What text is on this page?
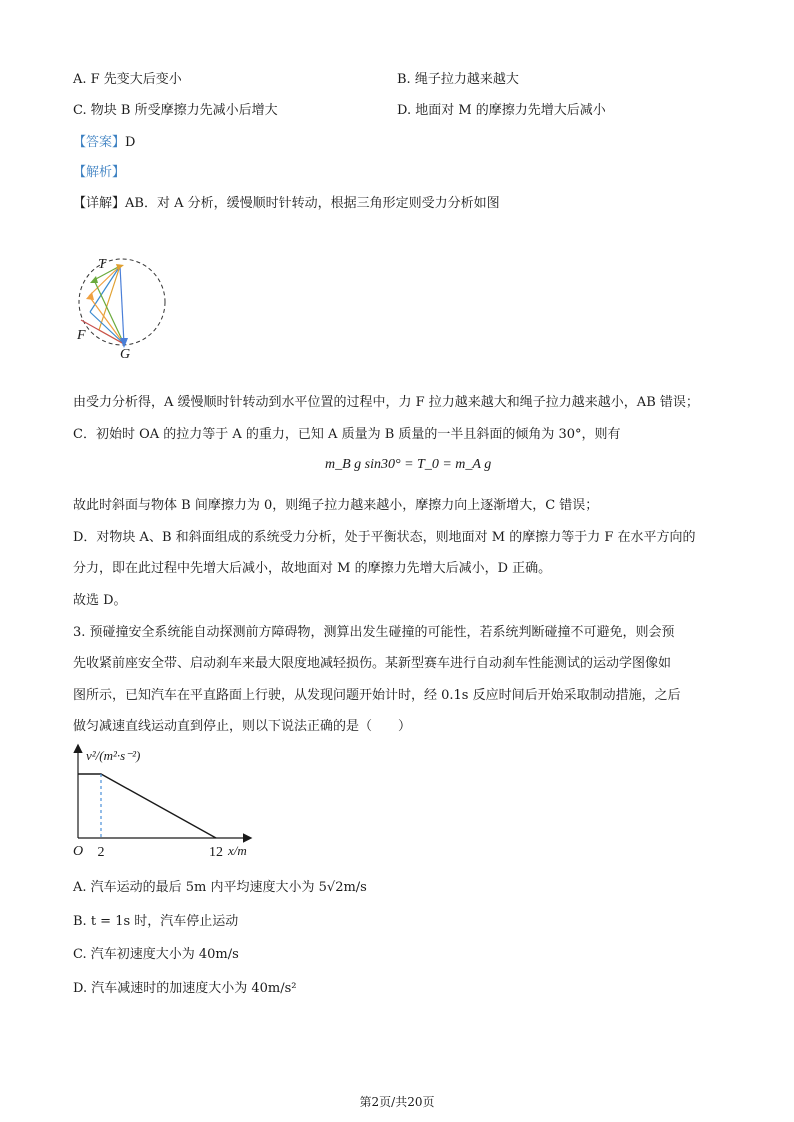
A. F 先变大后变小	B. 绳子拉力越来越大
C. 物块 B 所受摩擦力先减小后增大	D. 地面对 M 的摩擦力先增大后减小
【答案】D
【解析】
【详解】AB．对 A 分析，缓慢顺时针转动，根据三角形定则受力分析如图
T
F
G
由受力分析得，A 缓慢顺时针转动到水平位置的过程中，力 F 拉力越来越大和绳子拉力越来越小，AB 错误；
C．初始时 OA 的拉力等于 A 的重力，已知 A 质量为 B 质量的一半且斜面的倾角为 30°，则有
m_B g sin30° = T_0 = m_A g
故此时斜面与物体 B 间摩擦力为 0，则绳子拉力越来越小，摩擦力向上逐渐增大，C 错误；
D．对物块 A、B 和斜面组成的系统受力分析，处于平衡状态，则地面对 M 的摩擦力等于力 F 在水平方向的
分力，即在此过程中先增大后减小，故地面对 M 的摩擦力先增大后减小，D 正确。
故选 D。
3. 预碰撞安全系统能自动探测前方障碍物，测算出发生碰撞的可能性，若系统判断碰撞不可避免，则会预
先收紧前座安全带、启动刹车来最大限度地减轻损伤。某新型赛车进行自动刹车性能测试的运动学图像如
图所示，已知汽车在平直路面上行驶，从发现问题开始计时，经 0.1s 反应时间后开始采取制动措施，之后
做匀减速直线运动直到停止，则以下说法正确的是（　　）
v²/(m²·s⁻²)
x/m
O 2	12
A. 汽车运动的最后 5m 内平均速度大小为 5√2m/s
B. t = 1s 时，汽车停止运动
C. 汽车初速度大小为 40m/s
D. 汽车减速时的加速度大小为 40m/s²
第2页/共20页
